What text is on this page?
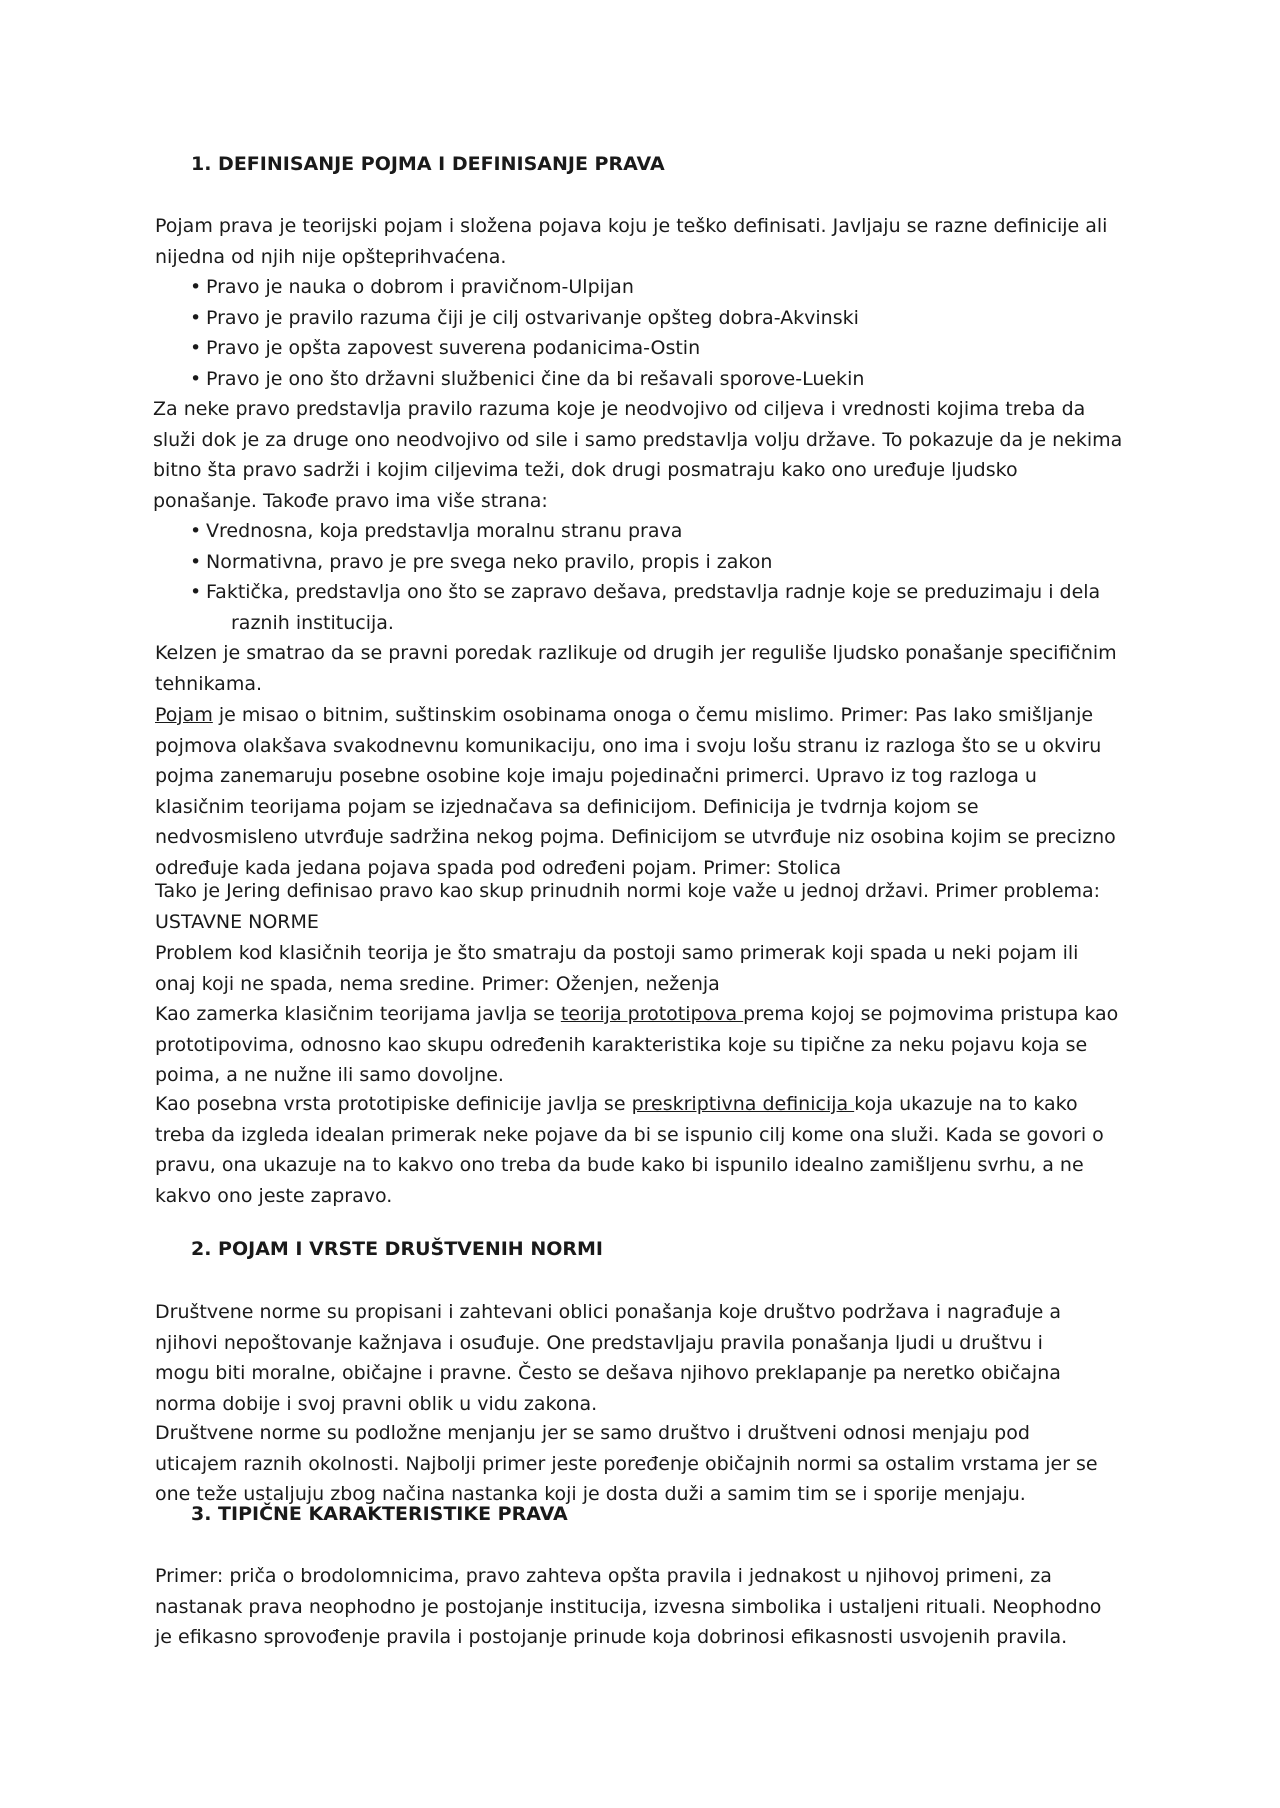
1. DEFINISANJE POJMA I DEFINISANJE PRAVA
Pojam prava je teorijski pojam i složena pojava koju je teško definisati. Javljaju se razne definicije ali
nijedna od njih nije opšteprihvaćena.
• Pravo je nauka o dobrom i pravičnom-Ulpijan
• Pravo je pravilo razuma čiji je cilj ostvarivanje opšteg dobra-Akvinski
• Pravo je opšta zapovest suverena podanicima-Ostin
• Pravo je ono što državni službenici čine da bi rešavali sporove-Luekin
Za neke pravo predstavlja pravilo razuma koje je neodvojivo od ciljeva i vrednosti kojima treba da
služi dok je za druge ono neodvojivo od sile i samo predstavlja volju države. To pokazuje da je nekima
bitno šta pravo sadrži i kojim ciljevima teži, dok drugi posmatraju kako ono uređuje ljudsko
ponašanje. Takođe pravo ima više strana:
• Vrednosna, koja predstavlja moralnu stranu prava
• Normativna, pravo je pre svega neko pravilo, propis i zakon
• Faktička, predstavlja ono što se zapravo dešava, predstavlja radnje koje se preduzimaju i dela
raznih institucija.
Kelzen je smatrao da se pravni poredak razlikuje od drugih jer reguliše ljudsko ponašanje specifičnim
tehnikama.
Pojam je misao o bitnim, suštinskim osobinama onoga o čemu mislimo. Primer: Pas Iako smišljanje
pojmova olakšava svakodnevnu komunikaciju, ono ima i svoju lošu stranu iz razloga što se u okviru
pojma zanemaruju posebne osobine koje imaju pojedinačni primerci. Upravo iz tog razloga u
klasičnim teorijama pojam se izjednačava sa definicijom. Definicija je tvdrnja kojom se
nedvosmisleno utvrđuje sadržina nekog pojma. Definicijom se utvrđuje niz osobina kojim se precizno
određuje kada jedana pojava spada pod određeni pojam. Primer: Stolica
Tako je Jering definisao pravo kao skup prinudnih normi koje važe u jednoj državi. Primer problema:
USTAVNE NORME
Problem kod klasičnih teorija je što smatraju da postoji samo primerak koji spada u neki pojam ili
onaj koji ne spada, nema sredine. Primer: Oženjen, neženja
Kao zamerka klasičnim teorijama javlja se teorija prototipova prema kojoj se pojmovima pristupa kao
prototipovima, odnosno kao skupu određenih karakteristika koje su tipične za neku pojavu koja se
poima, a ne nužne ili samo dovoljne.
Kao posebna vrsta prototipiske definicije javlja se preskriptivna definicija koja ukazuje na to kako
treba da izgleda idealan primerak neke pojave da bi se ispunio cilj kome ona služi. Kada se govori o
pravu, ona ukazuje na to kakvo ono treba da bude kako bi ispunilo idealno zamišljenu svrhu, a ne
kakvo ono jeste zapravo.
2. POJAM I VRSTE DRUŠTVENIH NORMI
Društvene norme su propisani i zahtevani oblici ponašanja koje društvo podržava i nagrađuje a
njihovi nepoštovanje kažnjava i osuđuje. One predstavljaju pravila ponašanja ljudi u društvu i
mogu biti moralne, običajne i pravne. Često se dešava njihovo preklapanje pa neretko običajna
norma dobije i svoj pravni oblik u vidu zakona.
Društvene norme su podložne menjanju jer se samo društvo i društveni odnosi menjaju pod
uticajem raznih okolnosti. Najbolji primer jeste poređenje običajnih normi sa ostalim vrstama jer se
one teže ustaljuju zbog načina nastanka koji je dosta duži a samim tim se i sporije menjaju.
3. TIPIČNE KARAKTERISTIKE PRAVA
Primer: priča o brodolomnicima, pravo zahteva opšta pravila i jednakost u njihovoj primeni, za
nastanak prava neophodno je postojanje institucija, izvesna simbolika i ustaljeni rituali. Neophodno
je efikasno sprovođenje pravila i postojanje prinude koja dobrinosi efikasnosti usvojenih pravila.
